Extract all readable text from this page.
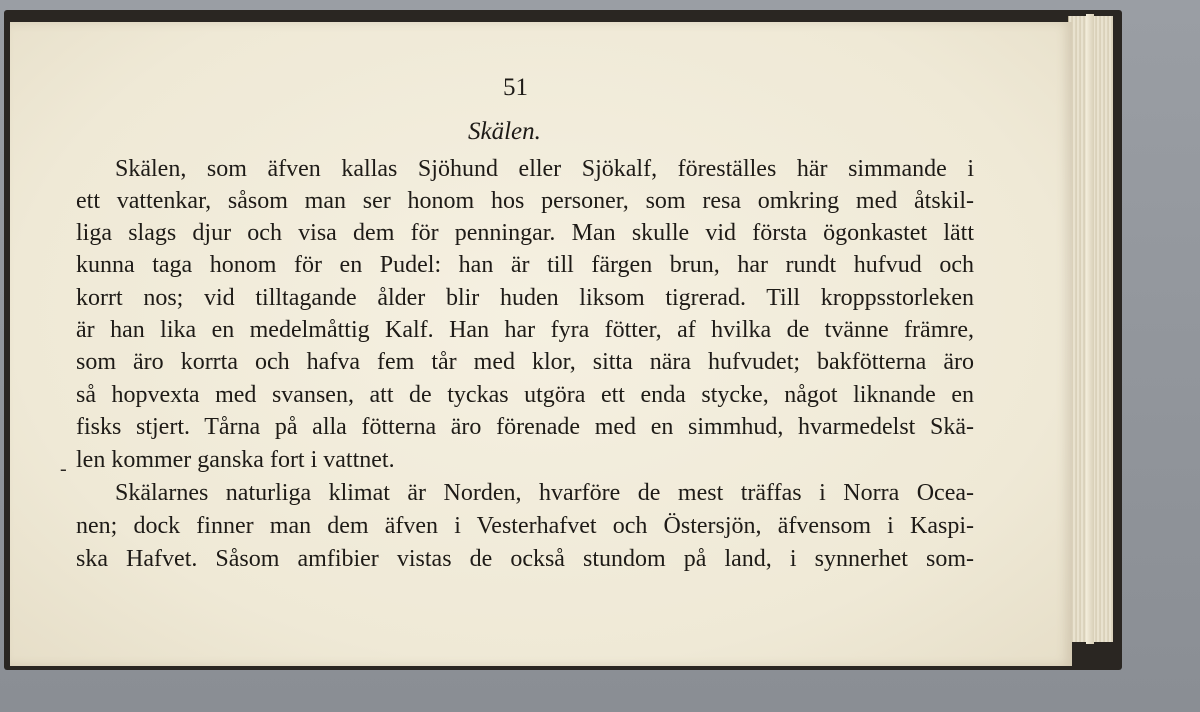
51
Skälen.
Skälen, som äfven kallas Sjöhund eller Sjökalf, föreställes här simmande i
ett vattenkar, såsom man ser honom hos personer, som resa omkring med åtskil-
liga slags djur och visa dem för penningar. Man skulle vid första ögonkastet lätt
kunna taga honom för en Pudel: han är till färgen brun, har rundt hufvud och
korrt nos; vid tilltagande ålder blir huden liksom tigrerad. Till kroppsstorleken
är han lika en medelmåttig Kalf. Han har fyra fötter, af hvilka de tvänne främre,
som äro korrta och hafva fem tår med klor, sitta nära hufvudet; bakfötterna äro
så hopvexta med svansen, att de tyckas utgöra ett enda stycke, något liknande en
fisks stjert. Tårna på alla fötterna äro förenade med en simmhud, hvarmedelst Skä-
len kommer ganska fort i vattnet.
Skälarnes naturliga klimat är Norden, hvarföre de mest träffas i Norra Ocea-
nen; dock finner man dem äfven i Vesterhafvet och Östersjön, äfvensom i Kaspi-
ska Hafvet. Såsom amfibier vistas de också stundom på land, i synnerhet som-
-
